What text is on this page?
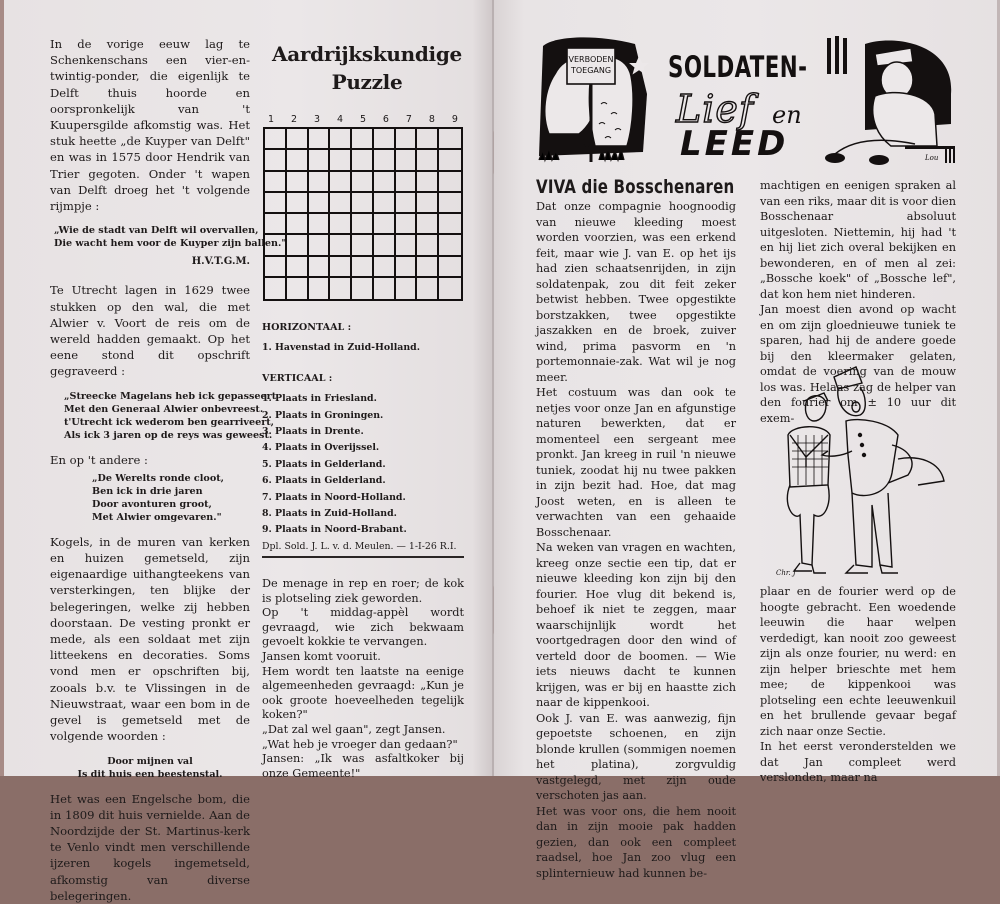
In de vorige eeuw lag te Schenkenschans een vier-en-twintig-ponder, die eigenlijk te Delft thuis hoorde en oorspronkelijk van 't Kuupersgilde afkomstig was. Het stuk heette „de Kuyper van Delft" en was in 1575 door Hendrik van Trier gegoten. Onder 't wapen van Delft droeg het 't volgende rijmpje :

„Wie de stadt van Delft wil overvallen,
Die wacht hem voor de Kuyper zijn ballen."
H.V.T.G.M.

Te Utrecht lagen in 1629 twee stukken op den wal, die met Alwier v. Voort de reis om de wereld hadden gemaakt. Op het eene stond dit opschrift gegraveerd :

„Streecke Magelans heb ick gepasseert
Met den Generaal Alwier onbevreest.
t'Utrecht ick wederom ben gearriveert,
Als ick 3 jaren op de reys was geweest.

En op 't andere :

„De Werelts ronde cloot,
Ben ick in drie jaren
Door avonturen groot,
Met Alwier omgevaren."

Kogels, in de muren van kerken en huizen gemetseld, zijn eigenaardige uithangteekens van versterkingen, ten blijke der belegeringen, welke zij hebben doorstaan. De vesting pronkt er mede, als een soldaat met zijn litteekens en decoraties. Soms vond men er opschriften bij, zooals b.v. te Vlissingen in de Nieuwstraat, waar een bom in de gevel is gemetseld met de volgende woorden :

Door mijnen val
Is dit huis een beestenstal.

Het was een Engelsche bom, die in 1809 dit huis vernielde. Aan de Noordzijde der St. Martinus-kerk te Venlo vindt men verschillende ijzeren kogels ingemetseld, afkomstig van diverse belegeringen.

Aardrijkskundige
Puzzle
1 2 3 4 5 6 7 8 9
HORIZONTAAL :
1. Havenstad in Zuid-Holland.
VERTICAAL :
1. Plaats in Friesland.
2. Plaats in Groningen.
3. Plaats in Drente.
4. Plaats in Overijssel.
5. Plaats in Gelderland.
6. Plaats in Gelderland.
7. Plaats in Noord-Holland.
8. Plaats in Zuid-Holland.
9. Plaats in Noord-Brabant.
Dpl. Sold. J. L. v. d. Meulen. — 1-I-26 R.I.
De menage in rep en roer; de kok is plotseling ziek geworden.
Op 't middag-appèl wordt gevraagd, wie zich bekwaam gevoelt kokkie te vervangen.
Jansen komt vooruit.
Hem wordt ten laatste na eenige algemeenheden gevraagd: „Kun je ook groote hoeveelheden tegelijk koken?"
„Dat zal wel gaan", zegt Jansen.
„Wat heb je vroeger dan gedaan?"
Jansen: „Ik was asfaltkoker bij onze Gemeente!"
VERBODEN
TOEGANG
Lou
SOLDATEN-
Lief en
LEED
VIVA die Bosschenaren

Dat onze compagnie hoognoodig van nieuwe kleeding moest worden voorzien, was een erkend feit, maar wie J. van E. op het ijs had zien schaatsenrijden, in zijn soldatenpak, zou dit feit zeker betwist hebben. Twee opgestikte borstzakken, twee opgestikte jaszakken en de broek, zuiver wind, prima pasvorm en 'n portemonnaie-zak. Wat wil je nog meer.

Het costuum was dan ook te netjes voor onze Jan en afgunstige naturen bewerkten, dat er momenteel een sergeant mee pronkt. Jan kreeg in ruil 'n nieuwe tuniek, zoodat hij nu twee pakken in zijn bezit had. Hoe, dat mag Joost weten, en is alleen te verwachten van een gehaaide Bosschenaar.

Na weken van vragen en wachten, kreeg onze sectie een tip, dat er nieuwe kleeding kon zijn bij den fourier. Hoe vlug dit bekend is, behoef ik niet te zeggen, maar waarschijnlijk wordt het voortgedragen door den wind of verteld door de boomen. — Wie iets nieuws dacht te kunnen krijgen, was er bij en haastte zich naar de kippenkooi.

Ook J. van E. was aanwezig, fijn gepoetste schoenen, en zijn blonde krullen (sommigen noemen het platina), zorgvuldig vastgelegd, met zijn oude verschoten jas aan.

Het was voor ons, die hem nooit dan in zijn mooie pak hadden gezien, dan ook een compleet raadsel, hoe Jan zoo vlug een splinternieuw had kunnen be-

machtigen en eenigen spraken al van een riks, maar dit is voor dien Bosschenaar absoluut uitgesloten. Niettemin, hij had 't en hij liet zich overal bekijken en bewonderen, en of men al zei: „Bossche koek" of „Bossche lef", dat kon hem niet hinderen.

Jan moest dien avond op wacht en om zijn gloednieuwe tuniek te sparen, had hij de andere goede bij den kleermaker gelaten, omdat de voering van de mouw los was. Helaas zag de helper van den fourier om ± 10 uur dit exem-

Chr. J

plaar en de fourier werd op de hoogte gebracht. Een woedende leeuwin die haar welpen verdedigt, kan nooit zoo geweest zijn als onze fourier, nu werd: en zijn helper brieschte met hem mee; de kippenkooi was plotseling een echte leeuwenkuil en het brullende gevaar begaf zich naar onze Sectie.

In het eerst veronderstelden we dat Jan compleet werd verslonden, maar na
